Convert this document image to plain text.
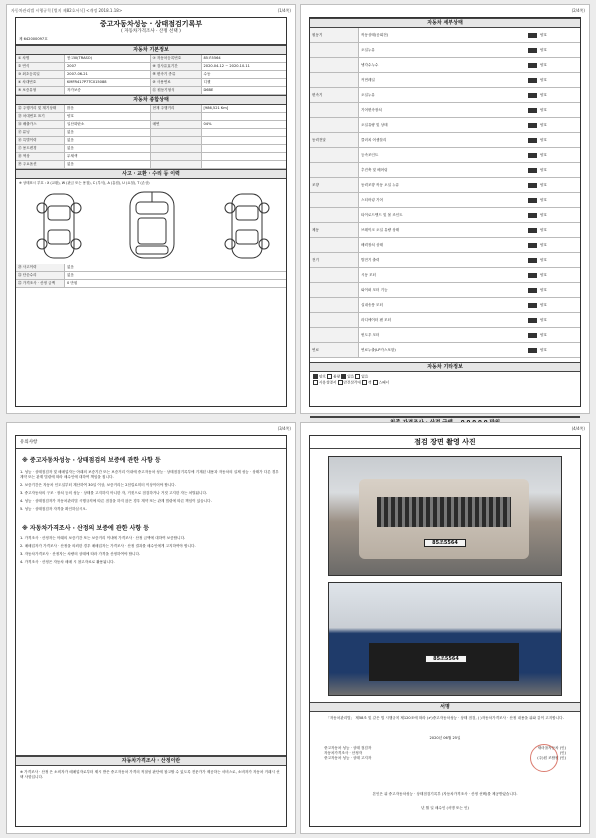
자동차관리법 시행규칙 [별지 제82호서식] <개정 2018.1.18>	(1/4쪽)
중고자동차성능 · 상태점검기록부
( 자동차가격조사 · 산정 선택 )
제 642000097호
자동차 기본정보
① 차명	봉고III(TRASO)	⑦ 자동차등록번호	85조5564
② 연식	2007	⑧ 검사유효기간	2020.04.12 ~ 2020.10.11
③ 최초등록일	2007-06-21	⑨ 변속기 종류	수동
④ 차대번호	KMFR417P7TC015088	⑩ 사용연료	디젤
⑤ 보증유형	자가보증	⑪ 원동기형식	D6BE
자동차 종합상태
⑫ 주행거리 및 계기상태	많음	현재 주행거리	[986,521 Km]
⑬ 차대번호 표기	양호
⑭ 배출가스	일산화탄소	매연	04%
⑮ 튜닝	없음
⑯ 특별이력	없음
⑰ 용도변경	없음
⑱ 색상	무채색
⑲ 주요옵션	없음
사고 · 교환 · 수리 등 이력
※ 상태표시 부호 : X (교환), W (판금 또는 용접), C (부식), A (흠집), U (요철), T (손상)
⑳ 사고이력	없음
㉑ 단순수리	없음
㉒ 가격조사 · 산정 금액	0 만원
(2/4쪽)
자동차 세부상태
원동기	작동상태(공회전)	양호
오일누유	양호
냉각수누수	양호
커먼레일	양호
변속기	오일누유	양호
기어변속장치	양호
오일유량 및 상태	양호
동력전달	클러치 어셈블리	양호
등속조인트	양호
추진축 및 베어링	양호
조향	동력조향 작동 오일 누유	양호
스티어링 기어	양호
타이로드엔드 및 볼 조인트	양호
제동	브레이크 오일 유량 상태	양호
배력장치 상태	양호
전기	발전기 출력	양호
시동 모터	양호
와이퍼 모터 기능	양호
실내송풍 모터	양호
라디에이터 팬 모터	양호
윈도우 모터	양호
연료	연료누출(LP가스포함)	양호
자동차 기타정보
양호 불량 있음 없음
사용설명서 안전삼각대 잭 스패너
(3/4쪽)
유의사항
※ 중고자동차성능 · 상태점검의 보증에 관한 사항 등
1. 성능 · 상태점검자 및 매매업자는 아래의 보증기간 또는 보증거리 이내에 중고자동차 성능 · 상태점검기록부에 기재된 내용과 자동차의 실제 성능 · 상태가 다른 경우 계약 또는 관계 법령에 따라 매수인에 대하여 책임을 집니다.
2. 보증기간은 자동차 인도일부터 계산하여 30일 이상, 보증거리는 2천킬로미터 이상이어야 합니다.
3. 중고자동차의 구조 · 장치 등의 성능 · 상태를 고지하지 아니한 자, 거짓으로 점검하거나 거짓 고지한 자는 처벌됩니다.
4. 성능 · 상태점검자가 자동차관리법 시행규칙에 따른 점검을 하지 않은 경우 계약 또는 관계 법령에 따른 책임이 있습니다.
5. 성능 · 상태점검자 자격을 확인하십시오.
※ 자동차가격조사 · 산정의 보증에 관한 사항 등
1. 가격조사 · 산정자는 아래의 보증기간 또는 보증거리 이내에 가격조사 · 산정 금액에 대하여 보증합니다.
2. 매매업자가 가격조사 · 산정을 의뢰한 경우 매매업자는 가격조사 · 산정 결과를 매수인에게 고지하여야 합니다.
3. 자동차가격조사 · 산정자는 차량의 상태에 따라 가격을 산정하여야 합니다.
4. 가격조사 · 산정은 자동차 매매 시 참고자료로 활용됩니다.
자동차가격조사 · 산정이란
※ 가격조사 · 산정 은 소비자가 매매업자로부터 제시 받은 중고자동차 가격의 적절성 판단에 참고할 수 있도록 전문가가 제공하는 서비스로, 소비자가 자동차 거래시 선택 사항입니다.
(4/4쪽)
점검 장면 촬영 사진
85조5564
85조5564
서명
「자동차관리법」 제58조 및 같은 법 시행규칙 제120조에 따라 (✔)중고자동차성능 · 상태 점검, ( )자동차가격조사 · 산정 내용을 위와 같이 고지합니다.
2020년 06월 25일
중고자동차 성능 · 상태 점검자	새마을자동차 (인)
자동차가격조사 · 산정자	(인)
중고자동차 성능 · 상태 고지자	(주)원 조합원 (인)
본인은 위 중고자동차성능 · 상태점검기록부 (자동차가격조사 · 산정 선택)를 제공받았습니다.
년 월 일 매수인 (서명 또는 인)
